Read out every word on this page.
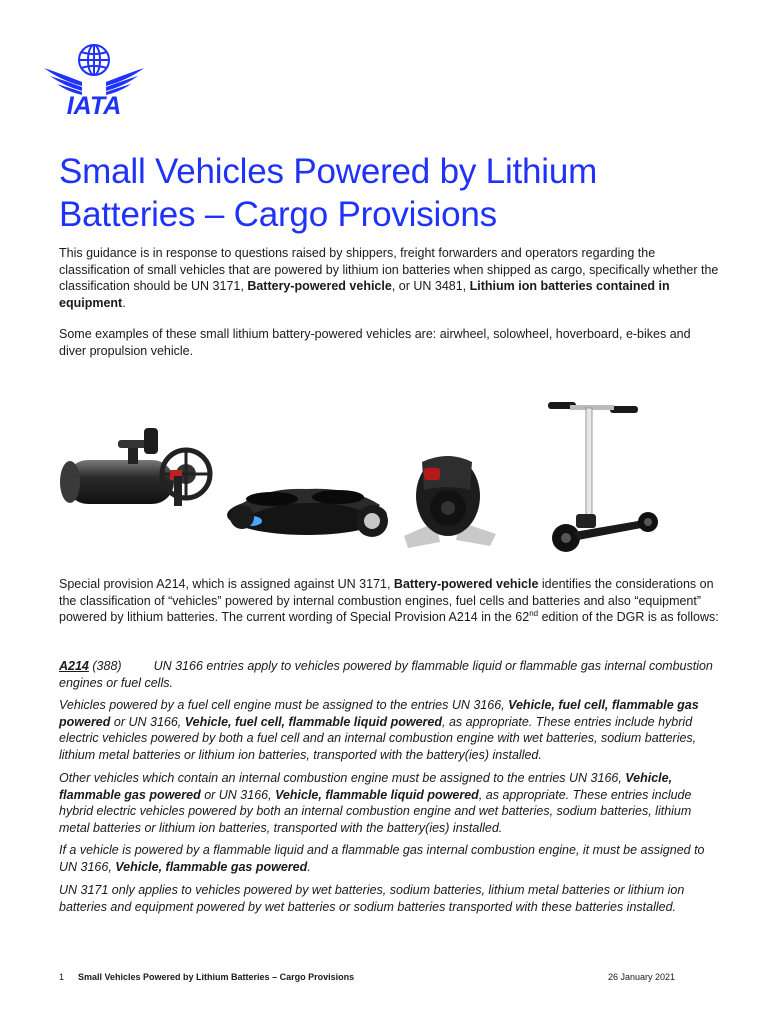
IATA
Small Vehicles Powered by Lithium
Batteries – Cargo Provisions

This guidance is in response to questions raised by shippers, freight forwarders and operators regarding the classification of small vehicles that are powered by lithium ion batteries when shipped as cargo, specifically whether the classification should be UN 3171, Battery-powered vehicle, or UN 3481, Lithium ion batteries contained in equipment.

Some examples of these small lithium battery-powered vehicles are: airwheel, solowheel, hoverboard, e-bikes and diver propulsion vehicle.

Special provision A214, which is assigned against UN 3171, Battery-powered vehicle identifies the considerations on the classification of “vehicles” powered by internal combustion engines, fuel cells and batteries and also “equipment” powered by lithium batteries. The current wording of Special Provision A214 in the 62nd edition of the DGR is as follows:

A214 (388)	UN 3166 entries apply to vehicles powered by flammable liquid or flammable gas internal combustion engines or fuel cells.

Vehicles powered by a fuel cell engine must be assigned to the entries UN 3166, Vehicle, fuel cell, flammable gas powered or UN 3166, Vehicle, fuel cell, flammable liquid powered, as appropriate. These entries include hybrid electric vehicles powered by both a fuel cell and an internal combustion engine with wet batteries, sodium batteries, lithium metal batteries or lithium ion batteries, transported with the battery(ies) installed.

Other vehicles which contain an internal combustion engine must be assigned to the entries UN 3166, Vehicle, flammable gas powered or UN 3166, Vehicle, flammable liquid powered, as appropriate. These entries include hybrid electric vehicles powered by both an internal combustion engine and wet batteries, sodium batteries, lithium metal batteries or lithium ion batteries, transported with the battery(ies) installed.

If a vehicle is powered by a flammable liquid and a flammable gas internal combustion engine, it must be assigned to UN 3166, Vehicle, flammable gas powered.

UN 3171 only applies to vehicles powered by wet batteries, sodium batteries, lithium metal batteries or lithium ion batteries and equipment powered by wet batteries or sodium batteries transported with these batteries installed.

1 Small Vehicles Powered by Lithium Batteries – Cargo Provisions	26 January 2021
